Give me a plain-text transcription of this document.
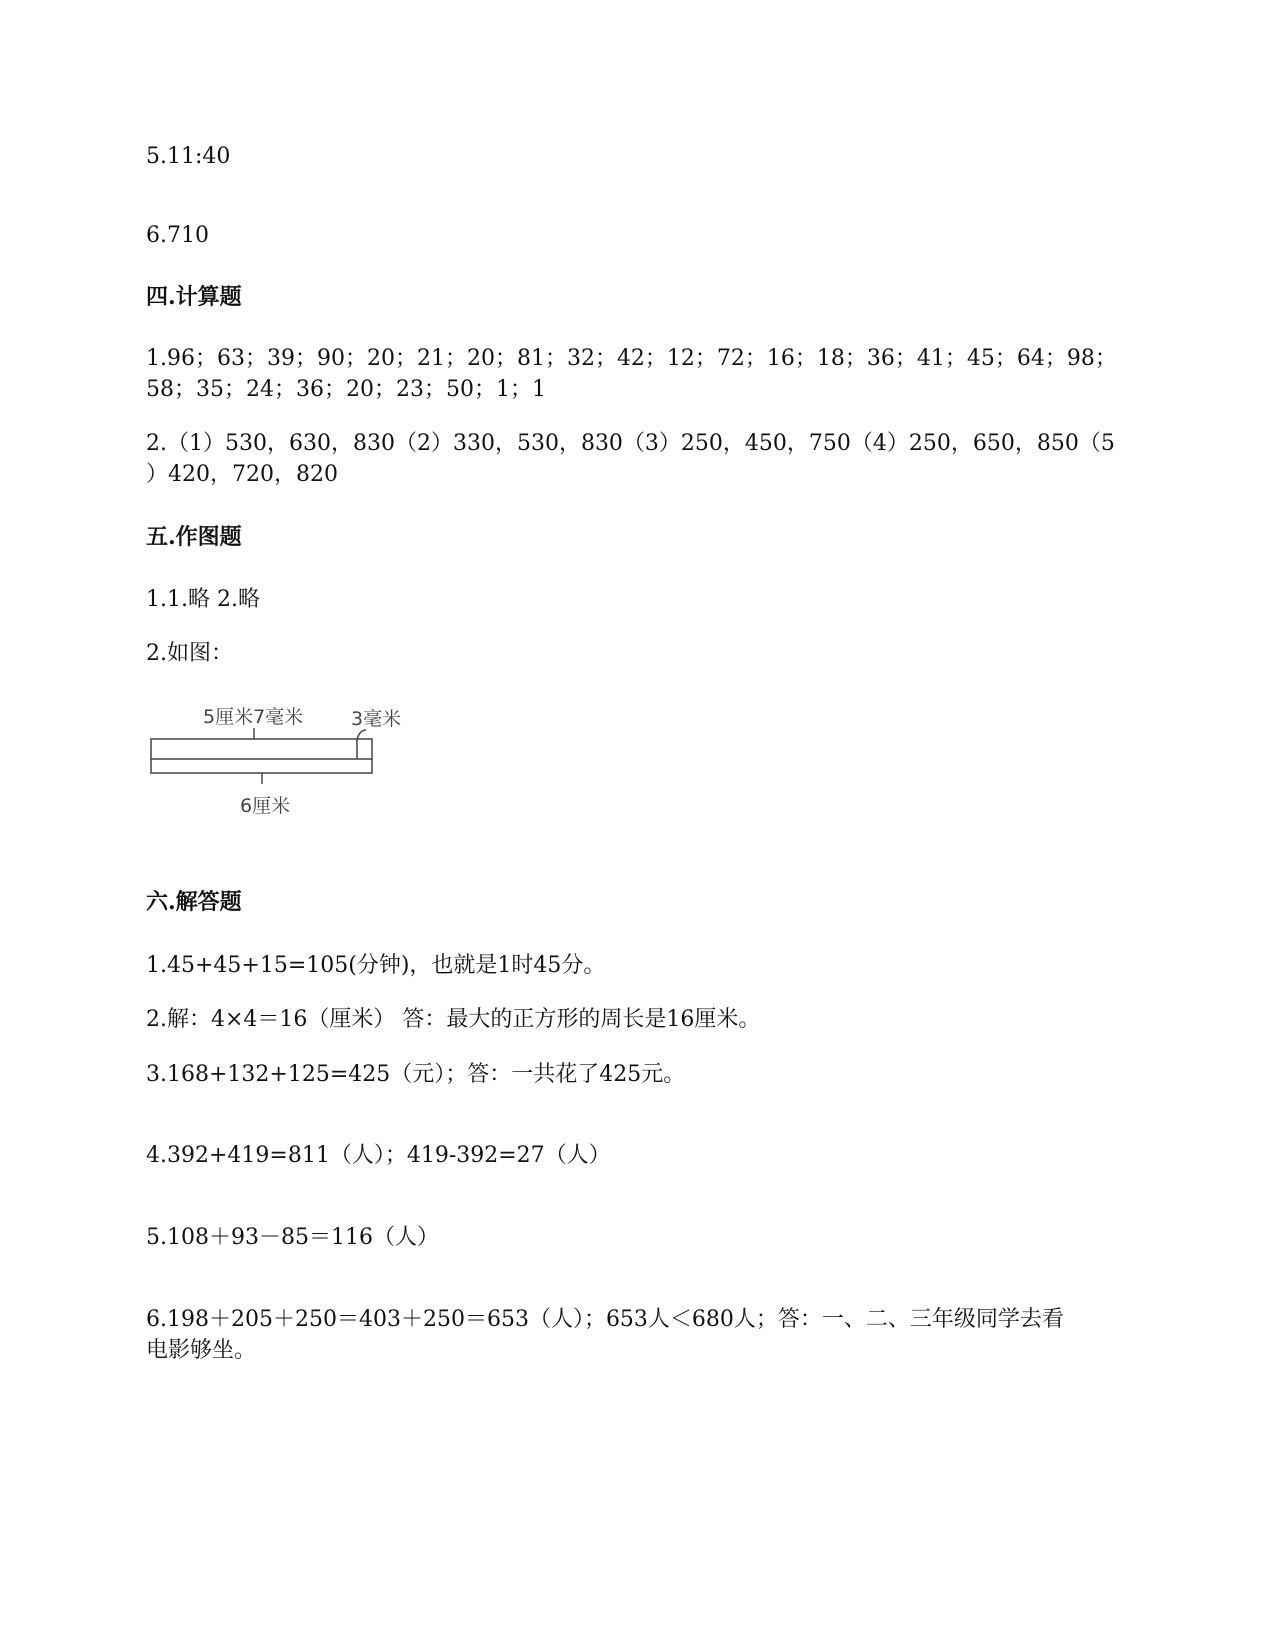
5.11:40
6.710
四.计算题
1.96；63；39；90；20；21；20；81；32；42；12；72；16；18；36；41；45；64；98；
58；35；24；36；20；23；50；1；1
2.（1）530，630，830（2）330，530，830（3）250，450，750（4）250，650，850（5
）420，720，820
五.作图题
1.1.略 2.略
2.如图：
5厘米7毫米	3毫米
6厘米
六.解答题
1.45+45+15=105(分钟)，也就是1时45分。
2.解：4×4＝16（厘米） 答：最大的正方形的周长是16厘米。
3.168+132+125=425（元）；答：一共花了425元。
4.392+419=811（人）；419-392=27（人）
5.108＋93－85＝116（人）
6.198＋205＋250＝403＋250＝653（人）；653人＜680人；答：一、二、三年级同学去看
电影够坐。
